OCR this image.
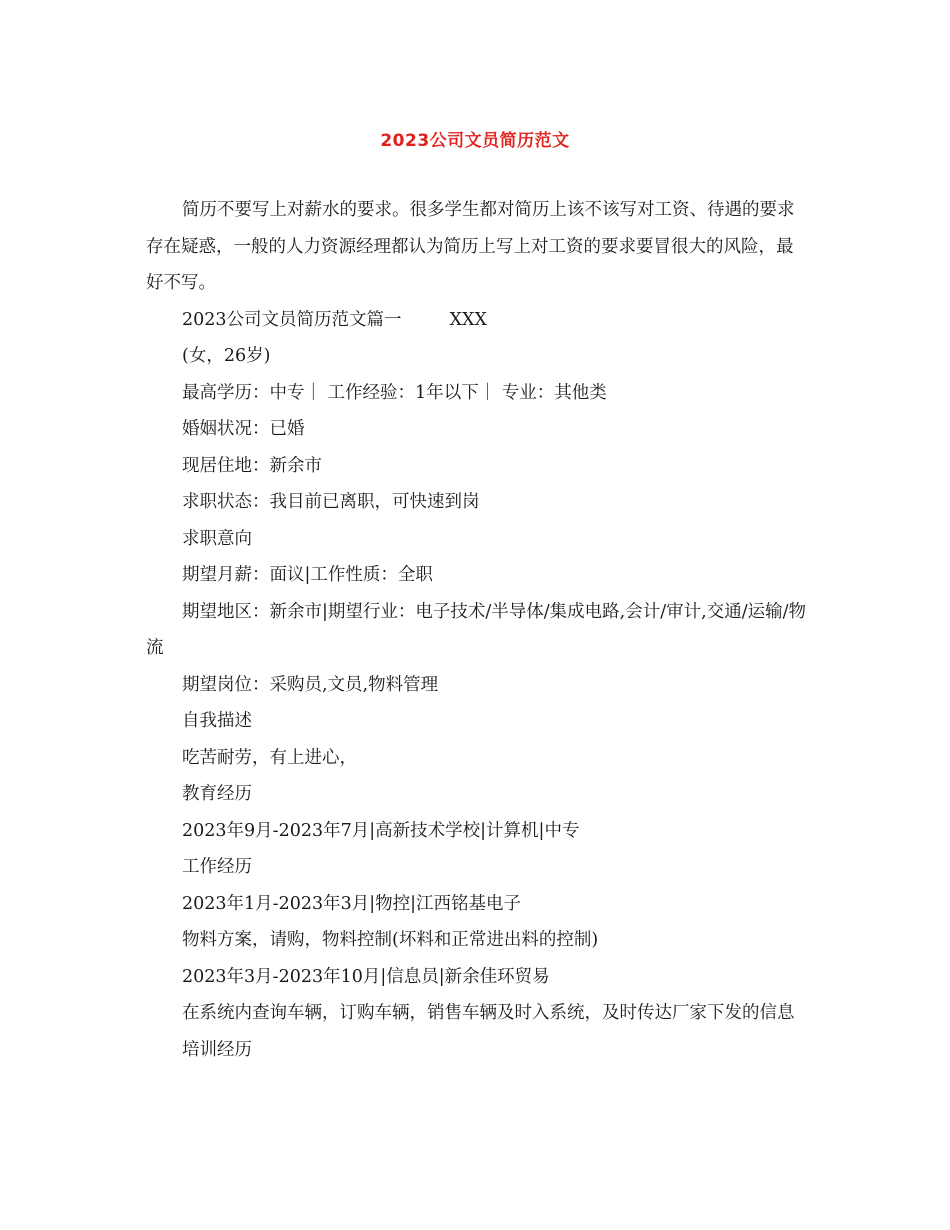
2023公司文员简历范文

简历不要写上对薪水的要求。很多学生都对简历上该不该写对工资、待遇的要求存在疑惑，一般的人力资源经理都认为简历上写上对工资的要求要冒很大的风险，最好不写。

2023公司文员简历范文篇一	XXX

(女，26岁)

最高学历：中专｜ 工作经验：1年以下｜ 专业：其他类

婚姻状况：已婚

现居住地：新余市

求职状态：我目前已离职，可快速到岗

求职意向

期望月薪：面议|工作性质：全职

期望地区：新余市|期望行业：电子技术/半导体/集成电路,会计/审计,交通/运输/物流

期望岗位：采购员,文员,物料管理

自我描述

吃苦耐劳，有上进心，

教育经历

2023年9月-2023年7月|高新技术学校|计算机|中专

工作经历

2023年1月-2023年3月|物控|江西铭基电子

物料方案，请购，物料控制(坏料和正常进出料的控制)

2023年3月-2023年10月|信息员|新余佳环贸易

在系统内查询车辆，订购车辆，销售车辆及时入系统，及时传达厂家下发的信息

培训经历
